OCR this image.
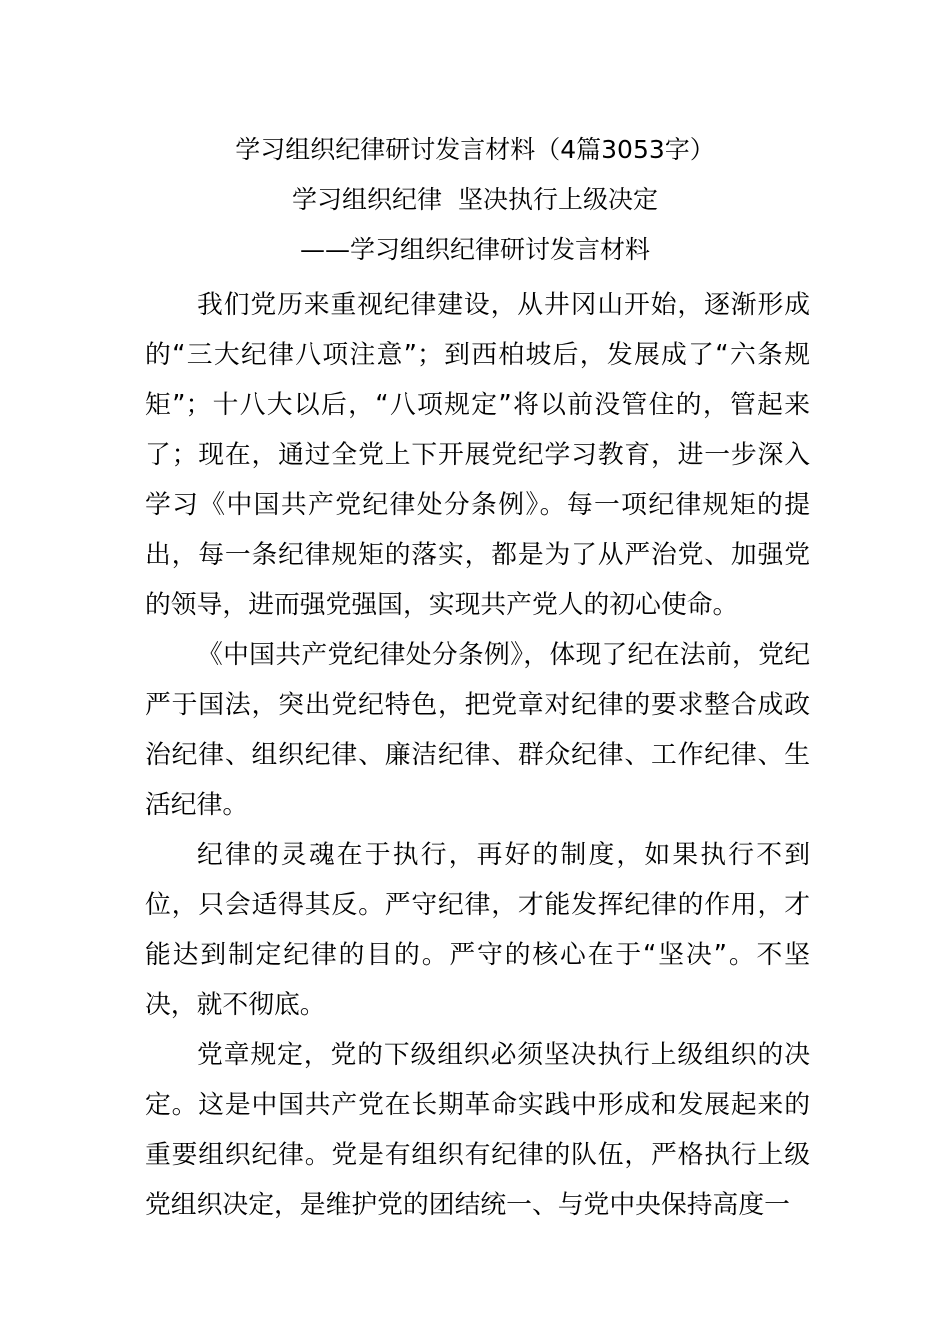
学习组织纪律研讨发言材料（4篇3053字）
学习组织纪律  坚决执行上级决定
——学习组织纪律研讨发言材料

我们党历来重视纪律建设，从井冈山开始，逐渐形成的“三大纪律八项注意”；到西柏坡后，发展成了“六条规矩”；十八大以后，“八项规定”将以前没管住的，管起来了；现在，通过全党上下开展党纪学习教育，进一步深入学习《中国共产党纪律处分条例》。每一项纪律规矩的提出，每一条纪律规矩的落实，都是为了从严治党、加强党的领导，进而强党强国，实现共产党人的初心使命。

《中国共产党纪律处分条例》，体现了纪在法前，党纪严于国法，突出党纪特色，把党章对纪律的要求整合成政治纪律、组织纪律、廉洁纪律、群众纪律、工作纪律、生活纪律。

纪律的灵魂在于执行，再好的制度，如果执行不到位，只会适得其反。严守纪律，才能发挥纪律的作用，才能达到制定纪律的目的。严守的核心在于“坚决”。不坚决，就不彻底。

党章规定，党的下级组织必须坚决执行上级组织的决定。这是中国共产党在长期革命实践中形成和发展起来的重要组织纪律。党是有组织有纪律的队伍，严格执行上级党组织决定，是维护党的团结统一、与党中央保持高度一
